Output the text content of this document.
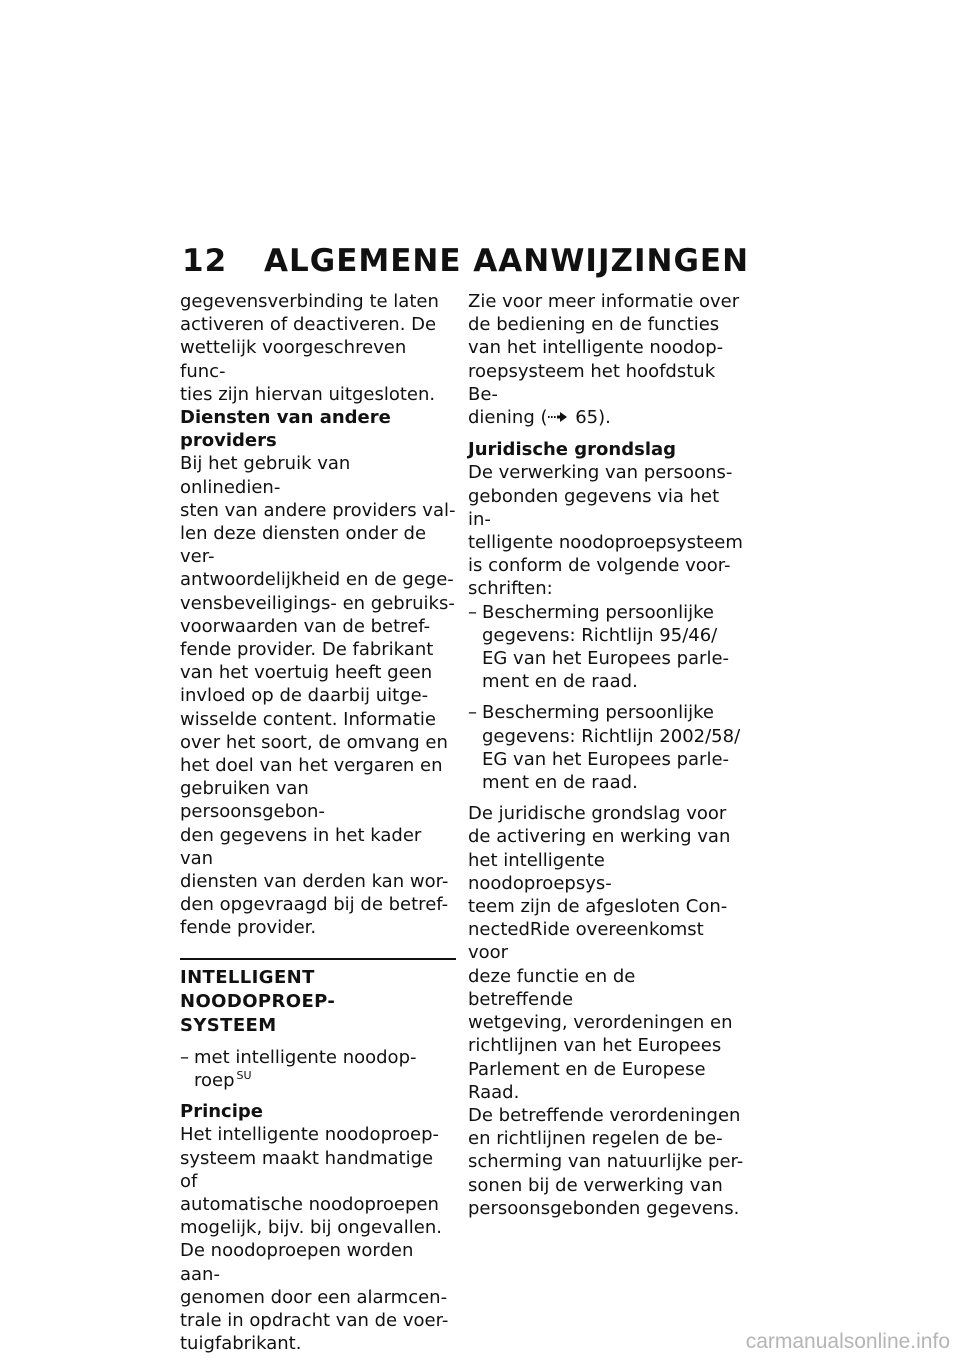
12 ALGEMENE AANWIJZINGEN

gegevensverbinding te laten
activeren of deactiveren. De
wettelijk voorgeschreven func-
ties zijn hiervan uitgesloten.

Diensten van andere providers

Bij het gebruik van onlinedien-
sten van andere providers val-
len deze diensten onder de ver-
antwoordelijkheid en de gege-
vensbeveiligings- en gebruiks-
voorwaarden van de betref-
fende provider. De fabrikant
van het voertuig heeft geen
invloed op de daarbij uitge-
wisselde content. Informatie
over het soort, de omvang en
het doel van het vergaren en
gebruiken van persoonsgebon-
den gegevens in het kader van
diensten van derden kan wor-
den opgevraagd bij de betref-
fende provider.

INTELLIGENT NOODOPROEP-
SYSTEEM

– met intelligente noodop-
roep $^{SU}$

Principe

Het intelligente noodoproep-
systeem maakt handmatige of
automatische noodoproepen
mogelijk, bijv. bij ongevallen.
De noodoproepen worden aan-
genomen door een alarmcen-
trale in opdracht van de voer-
tuigfabrikant.

Zie voor meer informatie over
de bediening en de functies
van het intelligente noodop-
roepsysteem het hoofdstuk Be-
diening ( 65).

Juridische grondslag

De verwerking van persoons-
gebonden gegevens via het in-
telligente noodoproepsysteem
is conform de volgende voor-
schriften:

– Bescherming persoonlijke
gegevens: Richtlijn 95/46/
EG van het Europees parle-
ment en de raad.
– Bescherming persoonlijke
gegevens: Richtlijn 2002/58/
EG van het Europees parle-
ment en de raad.

De juridische grondslag voor
de activering en werking van
het intelligente noodoproepsys-
teem zijn de afgesloten Con-
nectedRide overeenkomst voor
deze functie en de betreffende
wetgeving, verordeningen en
richtlijnen van het Europees
Parlement en de Europese
Raad.

De betreffende verordeningen
en richtlijnen regelen de be-
scherming van natuurlijke per-
sonen bij de verwerking van
persoonsgebonden gegevens.

carmanualsonline.info
